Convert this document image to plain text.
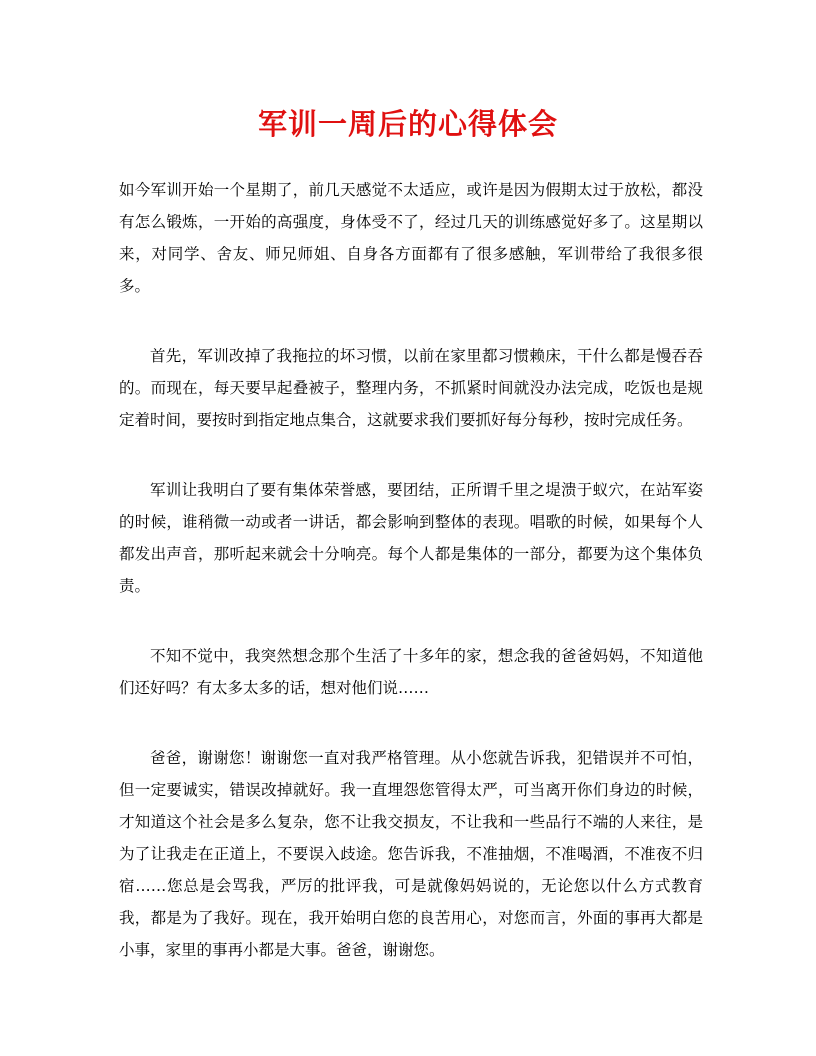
军训一周后的心得体会

如今军训开始一个星期了，前几天感觉不太适应，或许是因为假期太过于放松，都没有怎么锻炼，一开始的高强度，身体受不了，经过几天的训练感觉好多了。这星期以来，对同学、舍友、师兄师姐、自身各方面都有了很多感触，军训带给了我很多很多。

首先，军训改掉了我拖拉的坏习惯，以前在家里都习惯赖床，干什么都是慢吞吞的。而现在，每天要早起叠被子，整理内务，不抓紧时间就没办法完成，吃饭也是规定着时间，要按时到指定地点集合，这就要求我们要抓好每分每秒，按时完成任务。

军训让我明白了要有集体荣誉感，要团结，正所谓千里之堤溃于蚁穴，在站军姿的时候，谁稍微一动或者一讲话，都会影响到整体的表现。唱歌的时候，如果每个人都发出声音，那听起来就会十分响亮。每个人都是集体的一部分，都要为这个集体负责。

不知不觉中，我突然想念那个生活了十多年的家，想念我的爸爸妈妈，不知道他们还好吗？有太多太多的话，想对他们说……

爸爸，谢谢您！谢谢您一直对我严格管理。从小您就告诉我，犯错误并不可怕，但一定要诚实，错误改掉就好。我一直埋怨您管得太严，可当离开你们身边的时候，才知道这个社会是多么复杂，您不让我交损友，不让我和一些品行不端的人来往，是为了让我走在正道上，不要误入歧途。您告诉我，不准抽烟，不准喝酒，不准夜不归宿……您总是会骂我，严厉的批评我，可是就像妈妈说的，无论您以什么方式教育我，都是为了我好。现在，我开始明白您的良苦用心，对您而言，外面的事再大都是小事，家里的事再小都是大事。爸爸，谢谢您。
